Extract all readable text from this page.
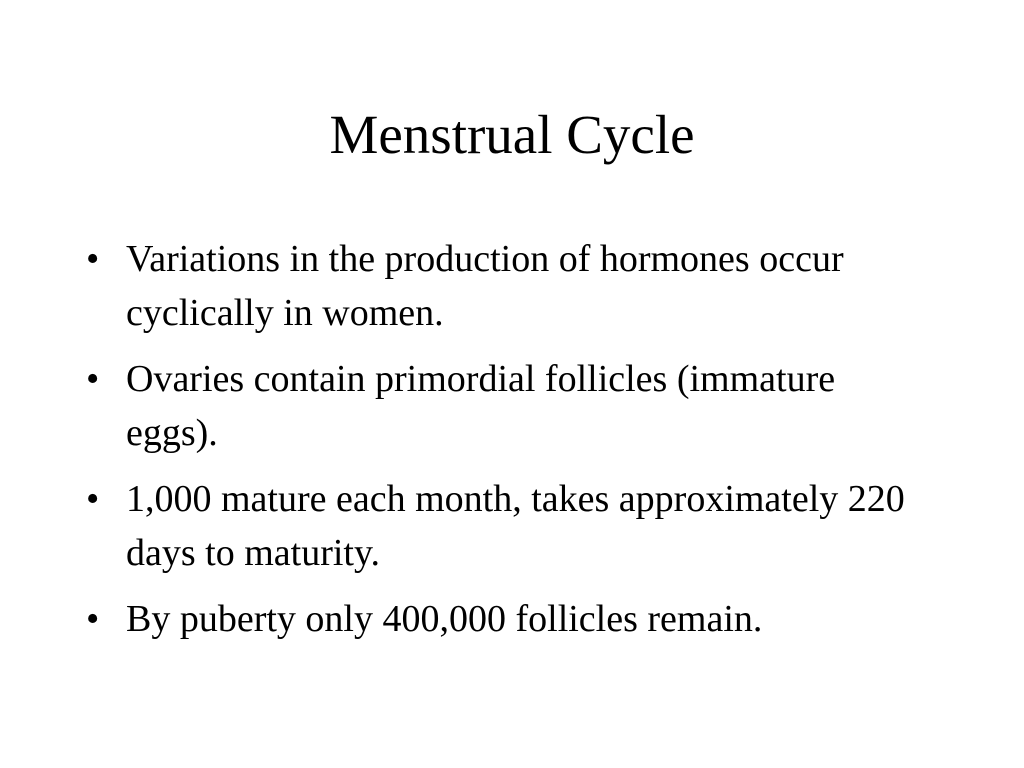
Menstrual Cycle
• Variations in the production of hormones occur cyclically in women.
• Ovaries contain primordial follicles (immature eggs).
• 1,000 mature each month, takes approximately 220 days to maturity.
• By puberty only 400,000 follicles remain.
